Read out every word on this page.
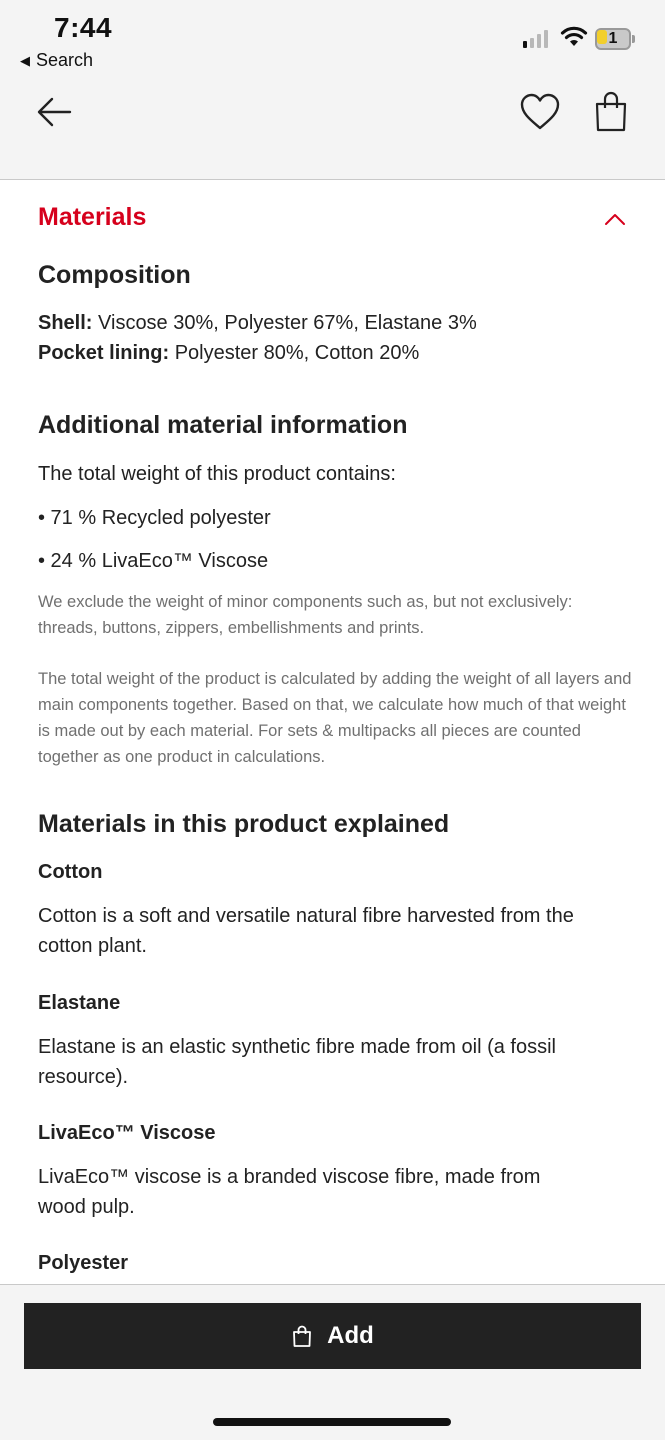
7:44
◀ Search
1
Materials
Composition
Shell: Viscose 30%, Polyester 67%, Elastane 3%
Pocket lining: Polyester 80%, Cotton 20%
Additional material information
The total weight of this product contains:
• 71 % Recycled polyester
• 24 % LivaEco™ Viscose
We exclude the weight of minor components such as, but not exclusively: threads, buttons, zippers, embellishments and prints.
The total weight of the product is calculated by adding the weight of all layers and main components together. Based on that, we calculate how much of that weight is made out by each material. For sets & multipacks all pieces are counted together as one product in calculations.
Materials in this product explained
Cotton
Cotton is a soft and versatile natural fibre harvested from the cotton plant.
Elastane
Elastane is an elastic synthetic fibre made from oil (a fossil resource).
LivaEco™ Viscose
LivaEco™ viscose is a branded viscose fibre, made from wood pulp.
Polyester
Add
